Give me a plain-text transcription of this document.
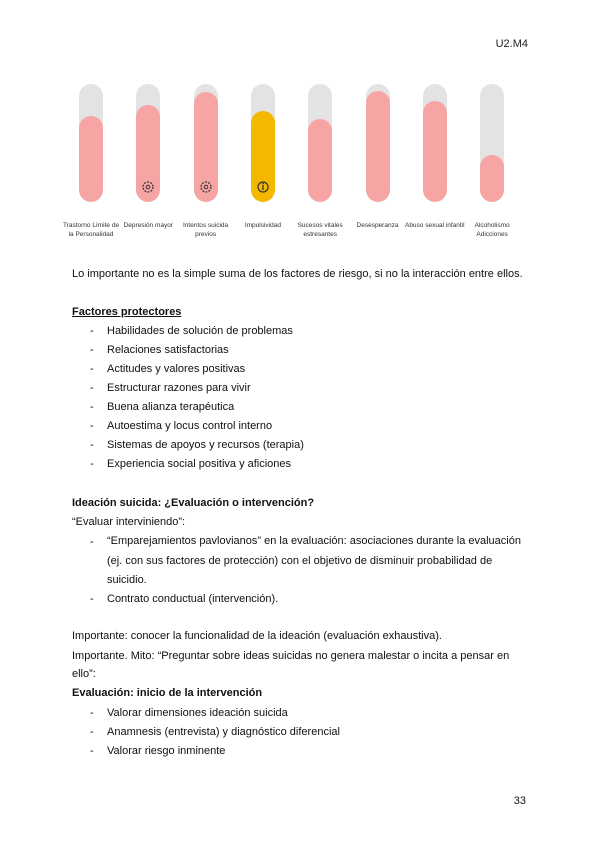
U2.M4
Trastorno Límite de la Personalidad
Depresión mayor	Intentos suicida previos
Impulsividad	Sucesos vitales estresantes
Desesperanza	Abuso sexual infantil	Alcoholismo Adicciones

Lo importante no es la simple suma de los factores de riesgo, si no la interacción entre ellos.

Factores protectores

- Habilidades de solución de problemas
- Relaciones satisfactorias
- Actitudes y valores positivas
- Estructurar razones para vivir
- Buena alianza terapéutica
- Autoestima y locus control interno
- Sistemas de apoyos y recursos (terapia)
- Experiencia social positiva y aficiones

Ideación suicida: ¿Evaluación o intervención?

“Evaluar interviniendo”:

- “Emparejamientos pavlovianos” en la evaluación: asociaciones durante la evaluación (ej. con sus factores de protección) con el objetivo de disminuir probabilidad de suicidio.

- Contrato conductual (intervención).

Importante: conocer la funcionalidad de la ideación (evaluación exhaustiva).

Importante. Mito: “Preguntar sobre ideas suicidas no genera malestar o incita a pensar en

ello”:

Evaluación: inicio de la intervención

- Valorar dimensiones ideación suicida
- Anamnesis (entrevista) y diagnóstico diferencial
- Valorar riesgo inminente
33
